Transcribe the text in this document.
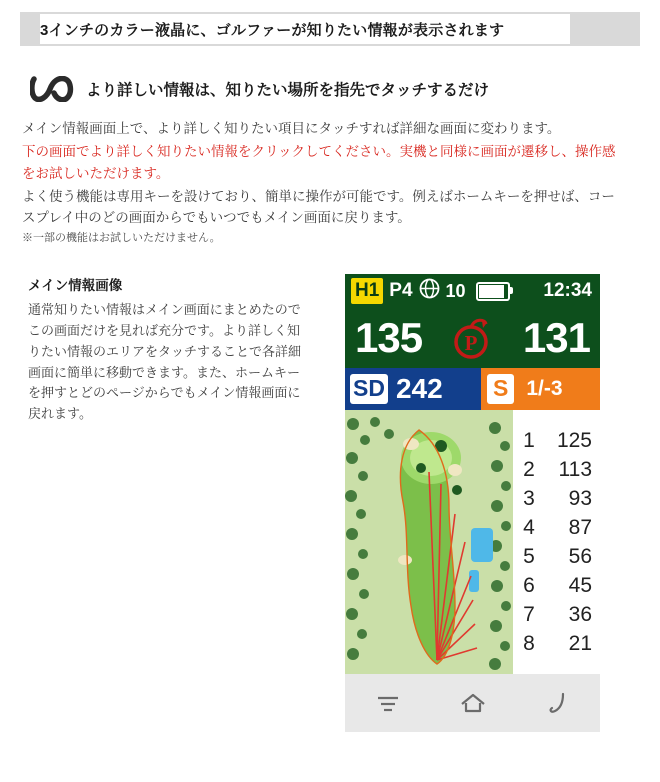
3インチのカラー液晶に、ゴルファーが知りたい情報が表示されます
より詳しい情報は、知りたい場所を指先でタッチするだけ

メイン情報画面上で、より詳しく知りたい項目にタッチすれば詳細な画面に変わります。

下の画面でより詳しく知りたい情報をクリックしてください。実機と同様に画面が遷移し、操作感をお試しいただけます。

よく使う機能は専用キーを設けており、簡単に操作が可能です。例えばホームキーを押せば、コースプレイ中のどの画面からでもいつでもメイン画面に戻ります。

※一部の機能はお試しいただけません。

メイン情報画像

通常知りたい情報はメイン画面にまとめたのでこの画面だけを見れば充分です。より詳しく知りたい情報のエリアをタッチすることで各詳細画面に簡単に移動できます。また、ホームキーを押すとどのページからでもメイン情報画面に戻れます。

H1 P4 10	12:34
135 P 131
SD 242 S 1/-3
1	125
2	113
3	93
4	87
5	56
6	45
7	36
8	21
